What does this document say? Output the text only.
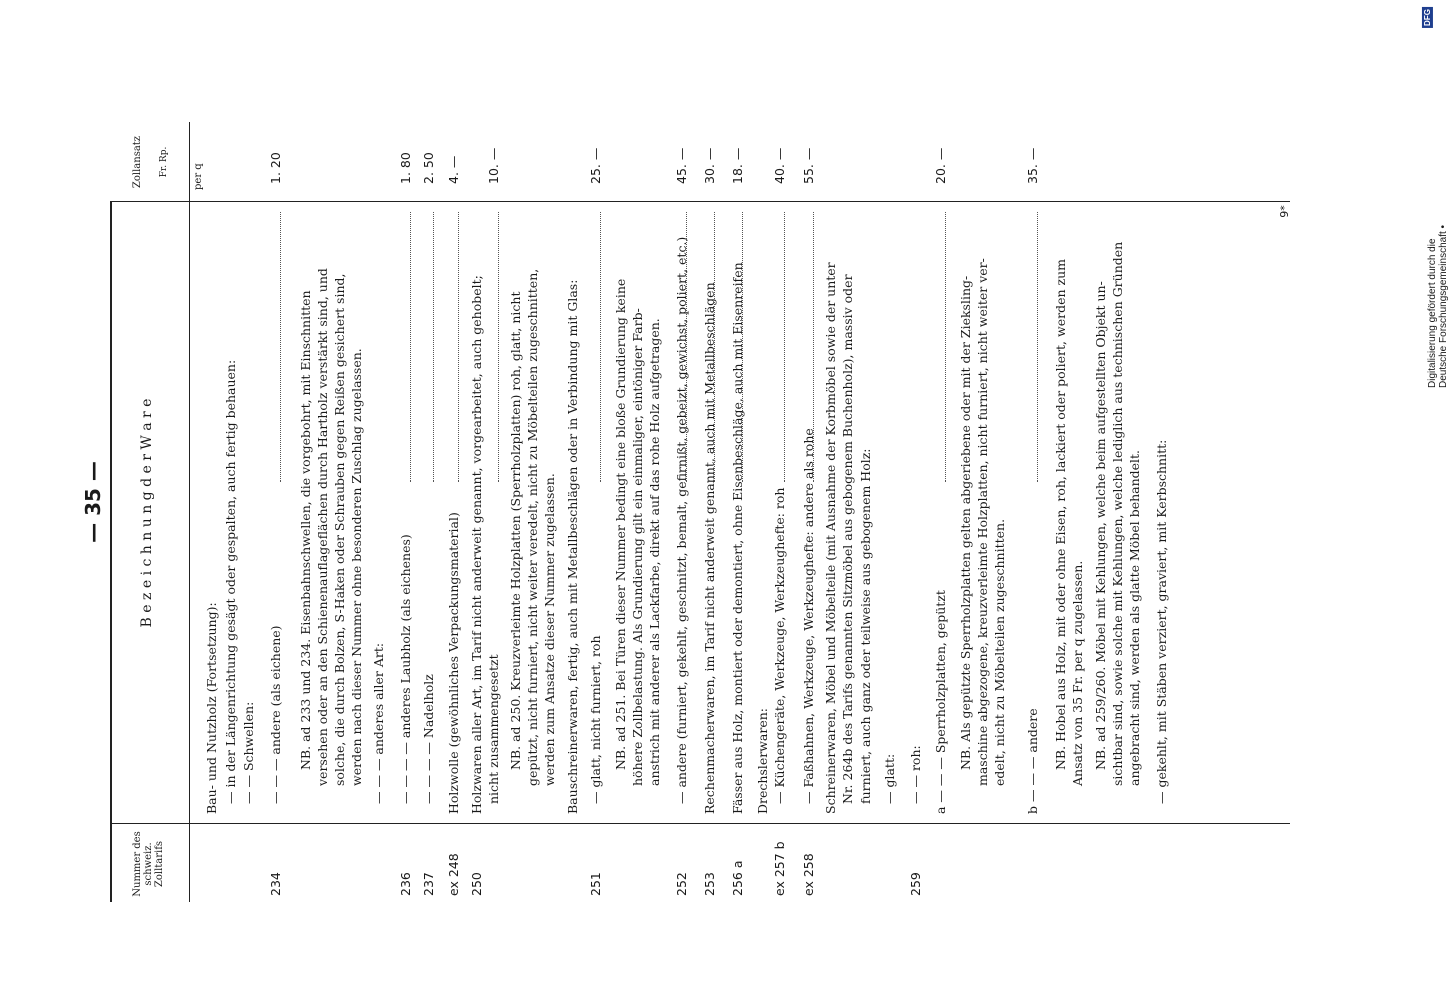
— 35 —
Nummer des schweiz. Zolltarifs
B e z e i c h n u n g d e r W a r e
Zollansatz Fr. Rp. per q
Bau- und Nutzholz (Fortsetzung): — in der Längenrichtung gesägt oder gespalten, auch fertig behauen: — — Schwellen:
234
— — — andere (als eichene)
1. 20
NB. ad 233 und 234. Eisenbahnschwellen, die vorgebohrt, mit Einschnitten versehen oder an den Schienenauflageflächen durch Hartholz verstärkt sind, und solche, die durch Bolzen, S-Haken oder Schrauben gegen Reißen gesichert sind, werden nach dieser Nummer ohne besonderen Zuschlag zugelassen. — — — anderes aller Art:
236
— — — — anderes Laubholz (als eichenes)
1. 80
237
— — — — Nadelholz
2. 50
ex 248
Holzwolle (gewöhnliches Verpackungsmaterial)
4. —
250
Holzwaren aller Art, im Tarif nicht anderweit genannt, vorgearbeitet, auch gehobelt; nicht zusammengesetzt
10. —
NB. ad 250. Kreuzverleimte Holzplatten (Sperrholzplatten) roh, glatt, nicht gepützt, nicht furniert, nicht weiter veredelt, nicht zu Möbelteilen zugeschnitten, werden zum Ansatze dieser Nummer zugelassen. Bauschreinerwaren, fertig, auch mit Metallbeschlägen oder in Verbindung mit Glas:
251
— glatt, nicht furniert, roh
25. —
NB. ad 251. Bei Türen dieser Nummer bedingt eine bloße Grundierung keine höhere Zollbelastung. Als Grundierung gilt ein einmaliger, eintöniger Farb- anstrich mit anderer als Lackfarbe, direkt auf das rohe Holz aufgetragen.
252
— andere (furniert, gekehlt, geschnitzt, bemalt, gefirnißt, gebeizt, gewichst, poliert, etc.)
45. —
253
Rechenmacherwaren, im Tarif nicht anderweit genannt, auch mit Metallbeschlägen
30. —
256 a
Fässer aus Holz, montiert oder demontiert, ohne Eisenbeschläge, auch mit Eisenreifen
18. —
Drechslerwaren:
ex 257 b
— Küchengeräte, Werkzeuge, Werkzeughefte: roh
40. —
ex 258
— Faßhahnen, Werkzeuge, Werkzeughefte: andere als rohe
55. —
Schreinerwaren, Möbel und Möbelteile (mit Ausnahme der Korbmöbel sowie der unter Nr. 264b des Tarifs genannten Sitzmöbel aus gebogenem Buchenholz), massiv oder furniert, auch ganz oder teilweise aus gebogenem Holz: — glatt:
259
— — roh: a — — — Sperrholzplatten, gepützt
20. —
NB. Als gepützte Sperrholzplatten gelten abgeriebene oder mit der Zieksling- maschine abgezogene, kreuzverleimte Holzplatten, nicht furniert, nicht weiter ver- edelt, nicht zu Möbelteilen zugeschnitten. b — — — andere
35. —
NB. Hobel aus Holz, mit oder ohne Eisen, roh, lackiert oder poliert, werden zum Ansatz von 35 Fr. per q zugelassen. NB. ad 259/260. Möbel mit Kehlungen, welche beim aufgestellten Objekt un- sichtbar sind, sowie solche mit Kehlungen, welche lediglich aus technischen Gründen angebracht sind, werden als glatte Möbel behandelt. — gekehlt, mit Stäben verziert, graviert, mit Kerbschnitt:
9*
Digitalisierung gefördert durch die Deutsche Forschungsgemeinschaft •
DFG
